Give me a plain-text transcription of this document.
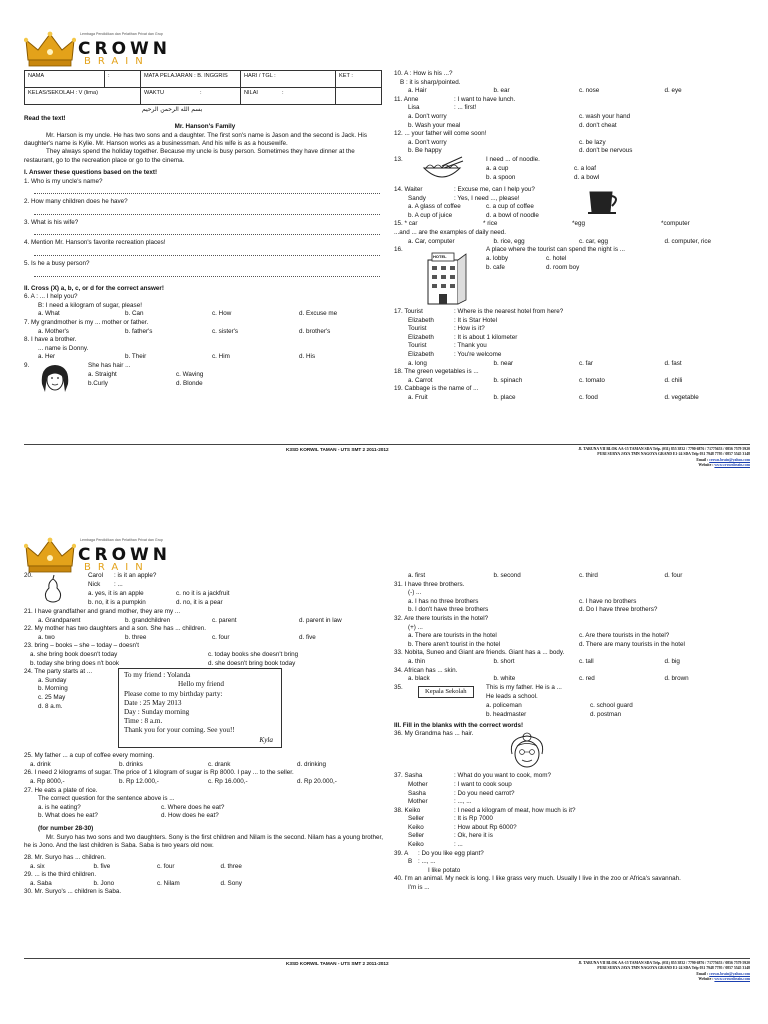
Lembaga Pendidikan dan Pelatihan Privat dan Grup
CROWN
BRAIN
NAMA	:	MATA PELAJARAN : B. INGGRIS	HARI / TGL :	KET :
KELAS/SEKOLAH : V (lima)		WAKTU :	NILAI :	
بسم الله الرحمن الرحيم
Read the text!
Mr. Hanson's Family
Mr. Harson is my uncle. He has two sons and a daughter. The first son's name is Jason and the second is Jack. His daughter's name is Kylie. Mr. Hanson works as a businessman. And his wife is as a housewife.
They always spend the holiday together. Because my uncle is busy person. Sometimes they have dinner at the restaurant, go to the recreation place or go to the cinema.
I. Answer these questions based on the text!
1. Who is my uncle's name?
2. How many children does he have?
3. What is his wife?
4. Mention Mr. Hanson's favorite recreation places!
5. Is he a busy person?
II. Cross (X) a, b, c, or d for the correct answer!
6. A : ... I help you?
B: I need a kilogram of sugar, please!
a. What	b. Can	c. How	d. Excuse me
7. My grandmother is my ... mother or father.
a. Mother's	b. father's	c. sister's	d. brother's
8. I have a brother.
... name is Donny.
a. Her	b. Their	c. Him	d. His
9.	She has hair ...
a. Straight	c. Waving
b.Curly	d. Blonde
10. A : How is his ...?
B : it is sharp/pointed.
a. Hair	b. ear	c. nose	d. eye
11. Anne	: I want to have lunch.
Lisa	: ... first!
a. Don't worry	c. wash your hand
b. Wash your meal	d. don't cheat
12. ... your father will come soon!
a. Don't worry	c. be lazy
b. Be happy	d. don't be nervous
13.	I need ... of noodle.
a. a cup	c. a loaf
b. a spoon	d. a bowl
14. Waiter	: Excuse me, can I help you?
Sandy	: Yes, I need ..., please!
a. A glass of coffee	c. a cup of coffee
b. A cup of juice	d. a bowl of noodle
15. * car	* rice	*egg	*computer
...and ... are the examples of daily need.
a. Car, computer	b. rice, egg	c. car, egg	d. computer, rice
16.
HOTEL
A place where the tourist can spend the night is ...
a. lobby	c. hotel
b. cafe	d. room boy
17. Tourist	: Where is the nearest hotel from here?
Elizabeth	: It is Star Hotel
Tourist	: How is it?
Elizabeth	: It is about 1 kilometer
Tourist	: Thank you
Elizabeth	: You're welcome
a. long	b. near	c. far	d. fast
18. The green vegetables is ...
a. Carrot	b. spinach	c. tomato	d. chili
19. Cabbage is the name of ...
a. Fruit	b. place	c. food	d. vegetable
K3SD KORWIL TAMAN - UTS SMT 2 2011-2012	Jl. TARUNA VII BLOK AA-15 TAMAN SDA Telp. (031) 855 3832 / 7790 6876 / 71775653 / 0856 7579 5920
PURI SURYA JAYA TMN NAGOYA GRAND E1-24 SDA Telp 031 7948 7795 / 0857 5545 3148
Email : crown.brain@yahoo.com
Website : www.crownbrain.com
Lembaga Pendidikan dan Pelatihan Privat dan Grup
CROWN
BRAIN
20.	Carol : is it an apple?
Nick : ...
a. yes, it is an apple	c. no it is a jackfruit
b. no, it is a pumpkin	d. no, it is a pear
21. I have grandfather and grand mother, they are my ...
a. Grandparent	b. grandchildren	c. parent	d. parent in law
22. My mother has two daughters and a son. She has ... children.
a. two	b. three	c. four	d. five
23. bring – books – she – today – doesn't
a. she bring book doesn't today	c. today books she doesn't bring
b. today she bring does n't book	d. she doesn't bring book today
24. The party starts at ...
a. Sunday
b. Morning
c. 25 May
d. 8 a.m.
To my friend : Yolanda
Hello my friend
Please come to my birthday party:
Date : 25 May 2013
Day : Sunday morning
Time : 8 a.m.
Thank you for your coming. See you!!
Kyla
25. My father ... a cup of coffee every morning.
a. drink	b. drinks	c. drank	d. drinking
26. I need 2 kilograms of sugar. The price of 1 kilogram of sugar is Rp 8000. I pay ... to the seller.
a. Rp 8000,-	b. Rp 12.000,-	c. Rp 16.000,-	d. Rp 20.000,-
27. He eats a plate of rice.
The correct question for the sentence above is ...
a. is he eating?	c. Where does he eat?
b. What does he eat?	d. How does he eat?
(for number 28-30)
Mr. Suryo has two sons and two daughters. Sony is the first children and Nilam is the second. Nilam has a young brother, he is Jono. And the last children is Saba. Saba is two years old now.
28. Mr. Suryo has ... children.
a. six	b. five	c. four	d. three
29. ... is the third children.
a. Saba	b. Jono	c. Nilam	d. Sony
30. Mr. Suryo's ... children is Saba.
a. first	b. second	c. third	d. four
31. I have three brothers.
(-) ...
a. I has no three brothers	c. I have no brothers
b. I don't have three brothers	d. Do I have three brothers?
32. Are there tourists in the hotel?
(+) ...
a. There are tourists in the hotel	c. Are there tourists in the hotel?
b. There aren't tourist in the hotel	d. There are many tourists in the hotel
33. Nobita, Suneo and Giant are friends. Giant has a ... body.
a. thin	b. short	c. tall	d. big
34. African has ... skin.
a. black	b. white	c. red	d. brown
35.
Kepala Sekolah
This is my father. He is a ...
He leads a school.
a. policeman	c. school guard
b. headmaster	d. postman
III. Fill in the blanks with the correct words!
36. My Grandma has ... hair.
37. Sasha	: What do you want to cook, mom?
Mother	: I want to cook soup
Sasha	: Do you need carrot?
Mother	: ..., ...
38. Keiko	: I need a kilogram of meat, how much is it?
Seller	: It is Rp 7000
Keiko	: How about Rp 6000?
Seller	: Ok, here it is
Keiko	: ...
39. A : Do you like egg plant?
B : ..., ...
I like potato
40. I'm an animal. My neck is long. I like grass very much. Usually I live in the zoo or Africa's savannah.
I'm is ...
K3SD KORWIL TAMAN - UTS SMT 2 2011-2012	Jl. TARUNA VII BLOK AA-15 TAMAN SDA Telp. (031) 855 3832 / 7790 6876 / 71775653 / 0856 7579 5920
PURI SURYA JAYA TMN NAGOYA GRAND E1-24 SDA Telp 031 7948 7795 / 0857 5545 3148
Email : crown.brain@yahoo.com
Website : www.crownbrain.com
